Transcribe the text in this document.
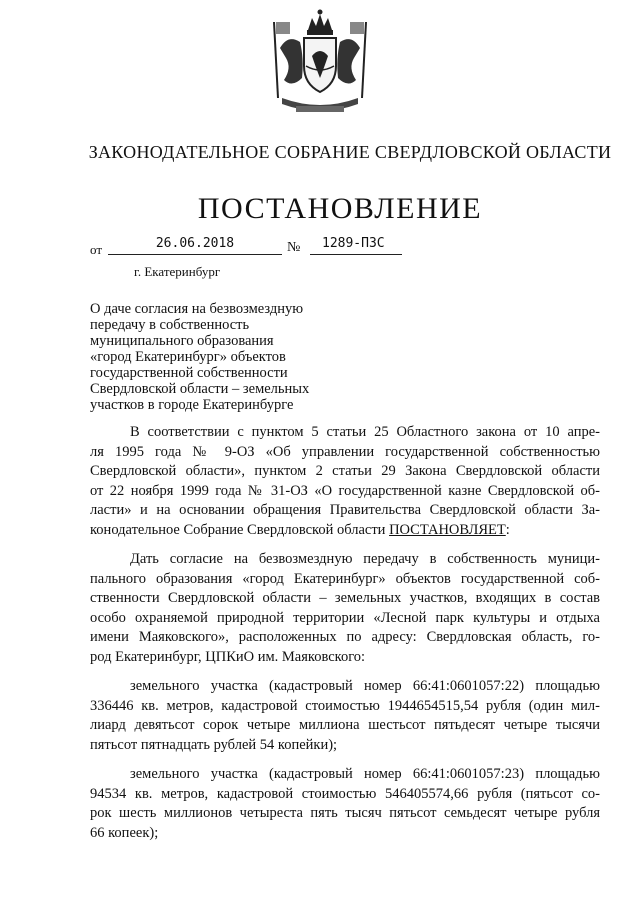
ЗАКОНОДАТЕЛЬНОЕ СОБРАНИЕ СВЕРДЛОВСКОЙ ОБЛАСТИ
ПОСТАНОВЛЕНИЕ
от	26.06.2018	№	1289-ПЗС
г. Екатеринбург
О даче согласия на безвозмездную
передачу в собственность
муниципального образования
«город Екатеринбург» объектов
государственной собственности
Свердловской области – земельных
участков в городе Екатеринбурге

В соответствии с пунктом 5 статьи 25 Областного закона от 10 апре-
ля 1995 года № 9-ОЗ «Об управлении государственной собственностью
Свердловской области», пунктом 2 статьи 29 Закона Свердловской области
от 22 ноября 1999 года № 31-ОЗ «О государственной казне Свердловской об-
ласти» и на основании обращения Правительства Свердловской области За-
конодательное Собрание Свердловской области ПОСТАНОВЛЯЕТ:

Дать согласие на безвозмездную передачу в собственность муници-
пального образования «город Екатеринбург» объектов государственной соб-
ственности Свердловской области – земельных участков, входящих в состав
особо охраняемой природной территории «Лесной парк культуры и отдыха
имени Маяковского», расположенных по адресу: Свердловская область, го-
род Екатеринбург, ЦПКиО им. Маяковского:

земельного участка (кадастровый номер 66:41:0601057:22) площадью
336446 кв. метров, кадастровой стоимостью 1944654515,54 рубля (один мил-
лиард девятьсот сорок четыре миллиона шестьсот пятьдесят четыре тысячи
пятьсот пятнадцать рублей 54 копейки);

земельного участка (кадастровый номер 66:41:0601057:23) площадью
94534 кв. метров, кадастровой стоимостью 546405574,66 рубля (пятьсот со-
рок шесть миллионов четыреста пять тысяч пятьсот семьдесят четыре рубля
66 копеек);
